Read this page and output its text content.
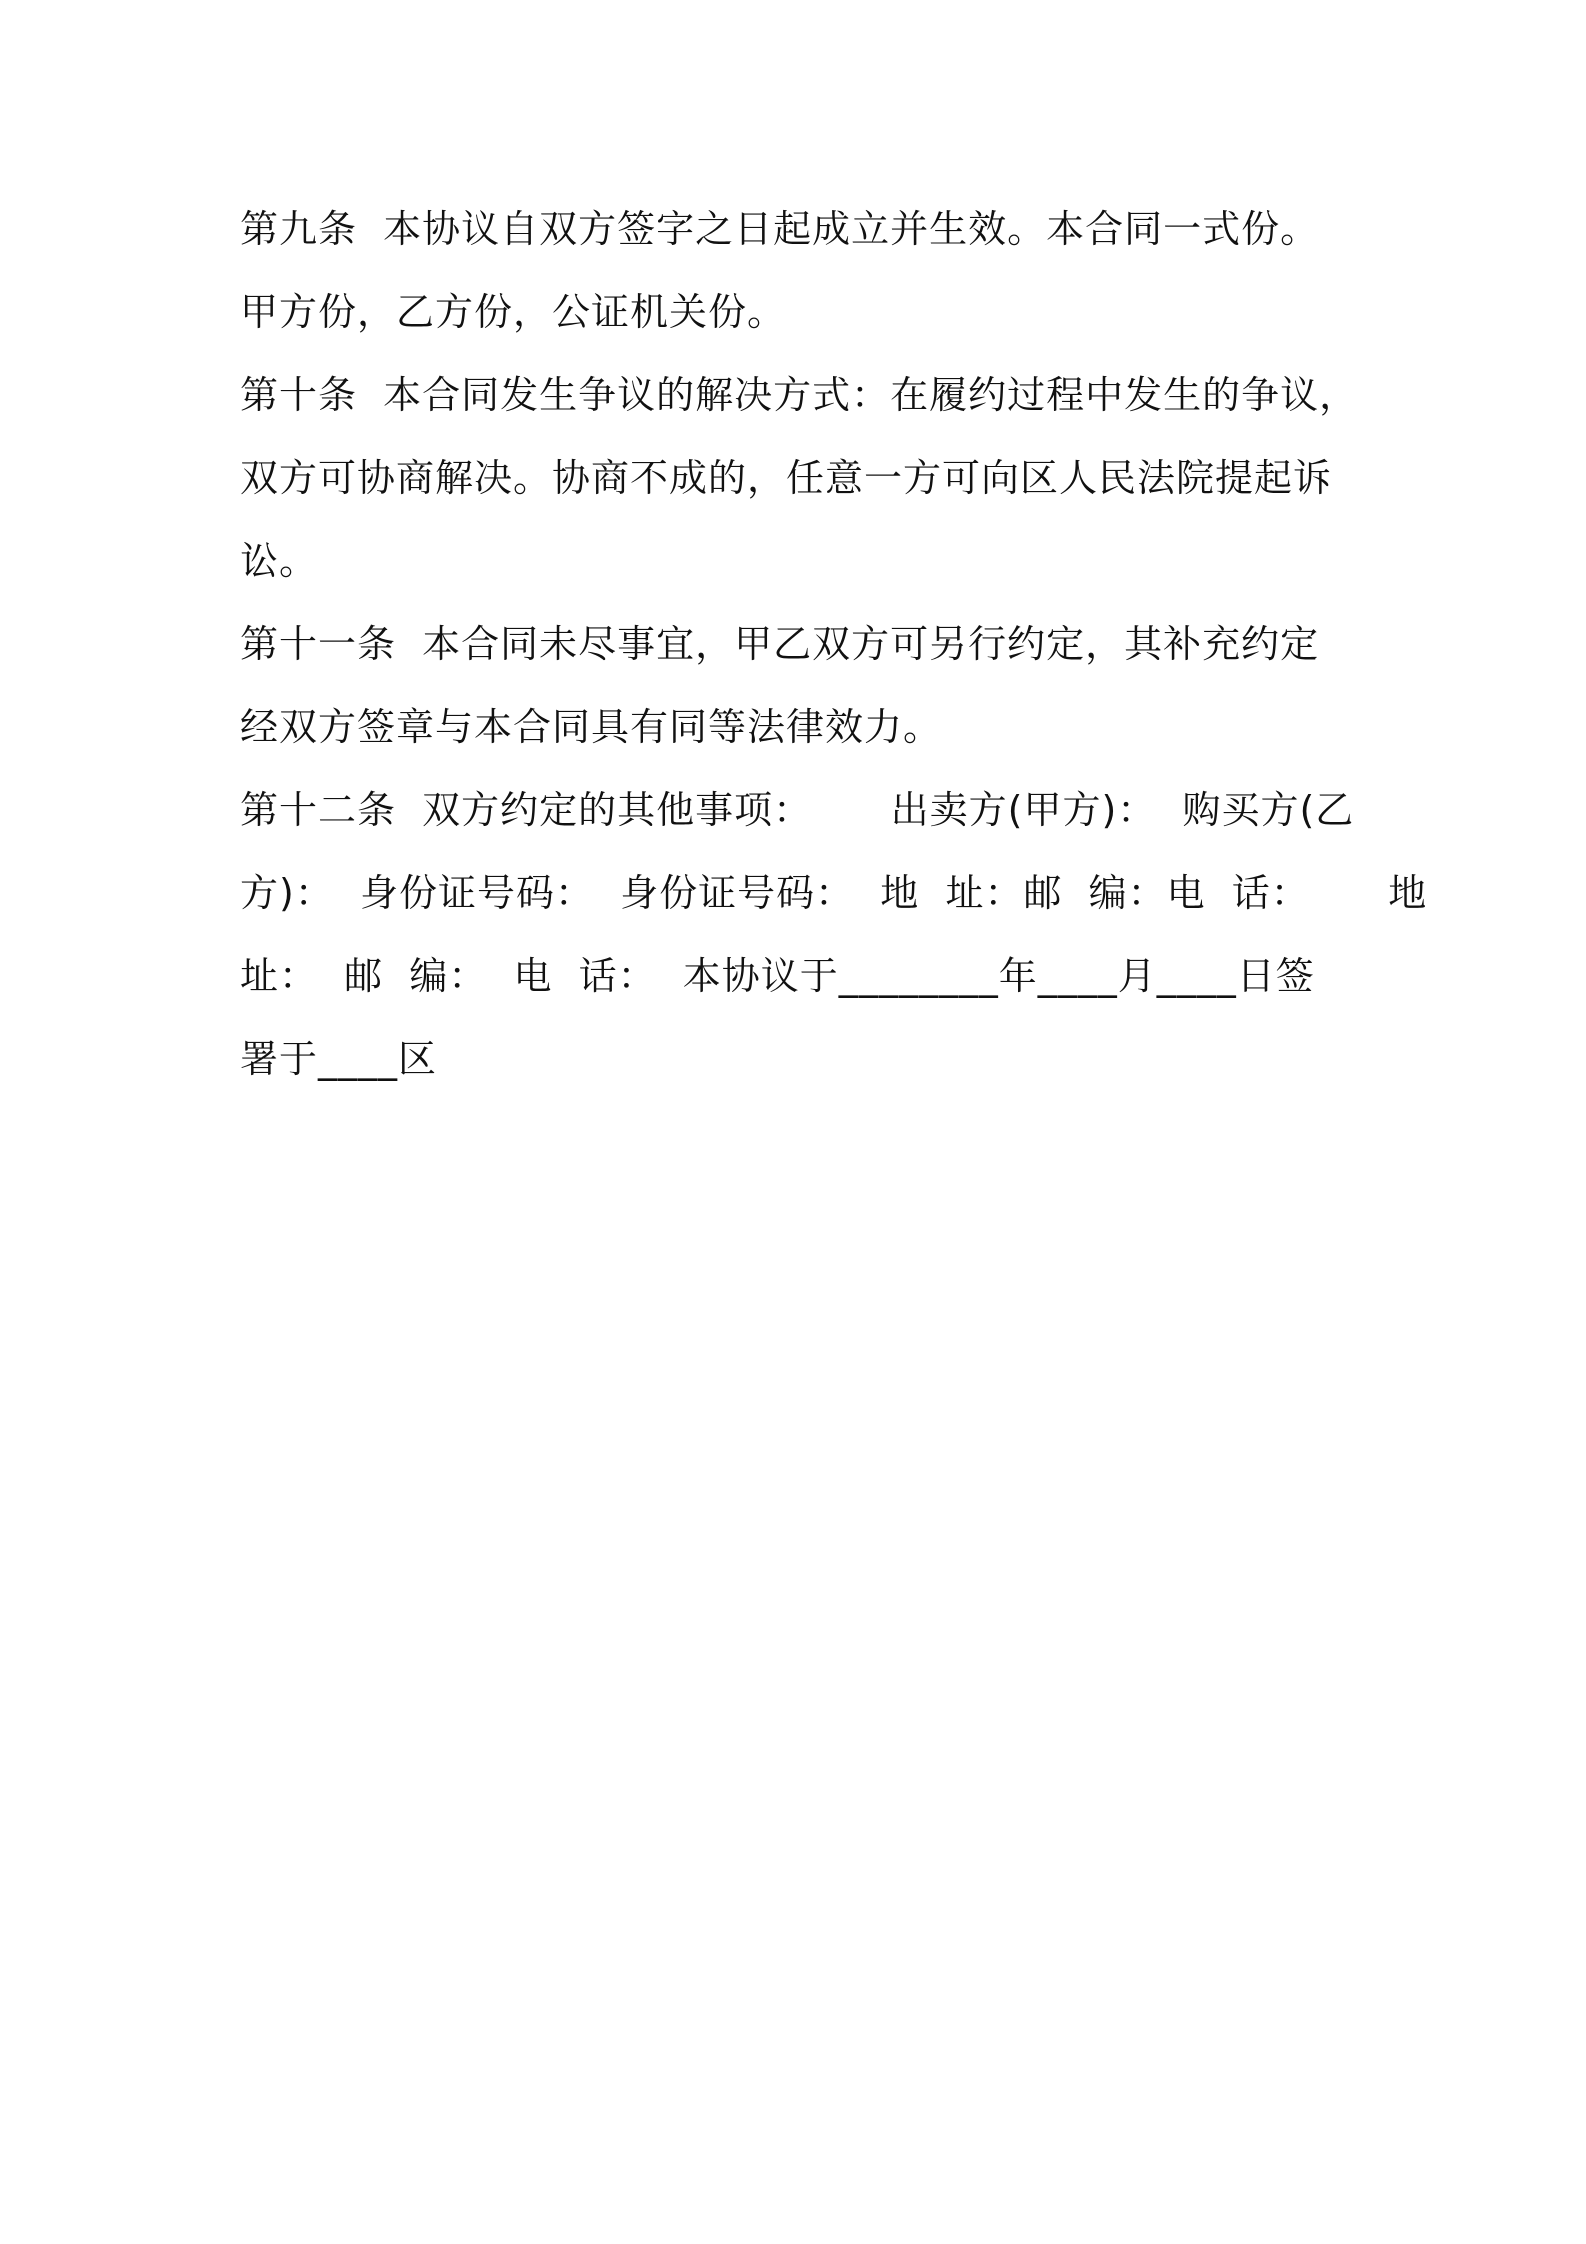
第九条  本协议自双方签字之日起成立并生效。本合同一式份。
甲方份，乙方份，公证机关份。
第十条  本合同发生争议的解决方式：在履约过程中发生的争议，
双方可协商解决。协商不成的，任意一方可向区人民法院提起诉
讼。
第十一条  本合同未尽事宜，甲乙双方可另行约定，其补充约定
经双方签章与本合同具有同等法律效力。
第十二条  双方约定的其他事项：      出卖方(甲方)：  购买方(乙
方)：  身份证号码：  身份证号码：  地  址：邮  编：电  话：      地
址：  邮  编：  电  话：  本协议于________年____月____日签
署于____区
